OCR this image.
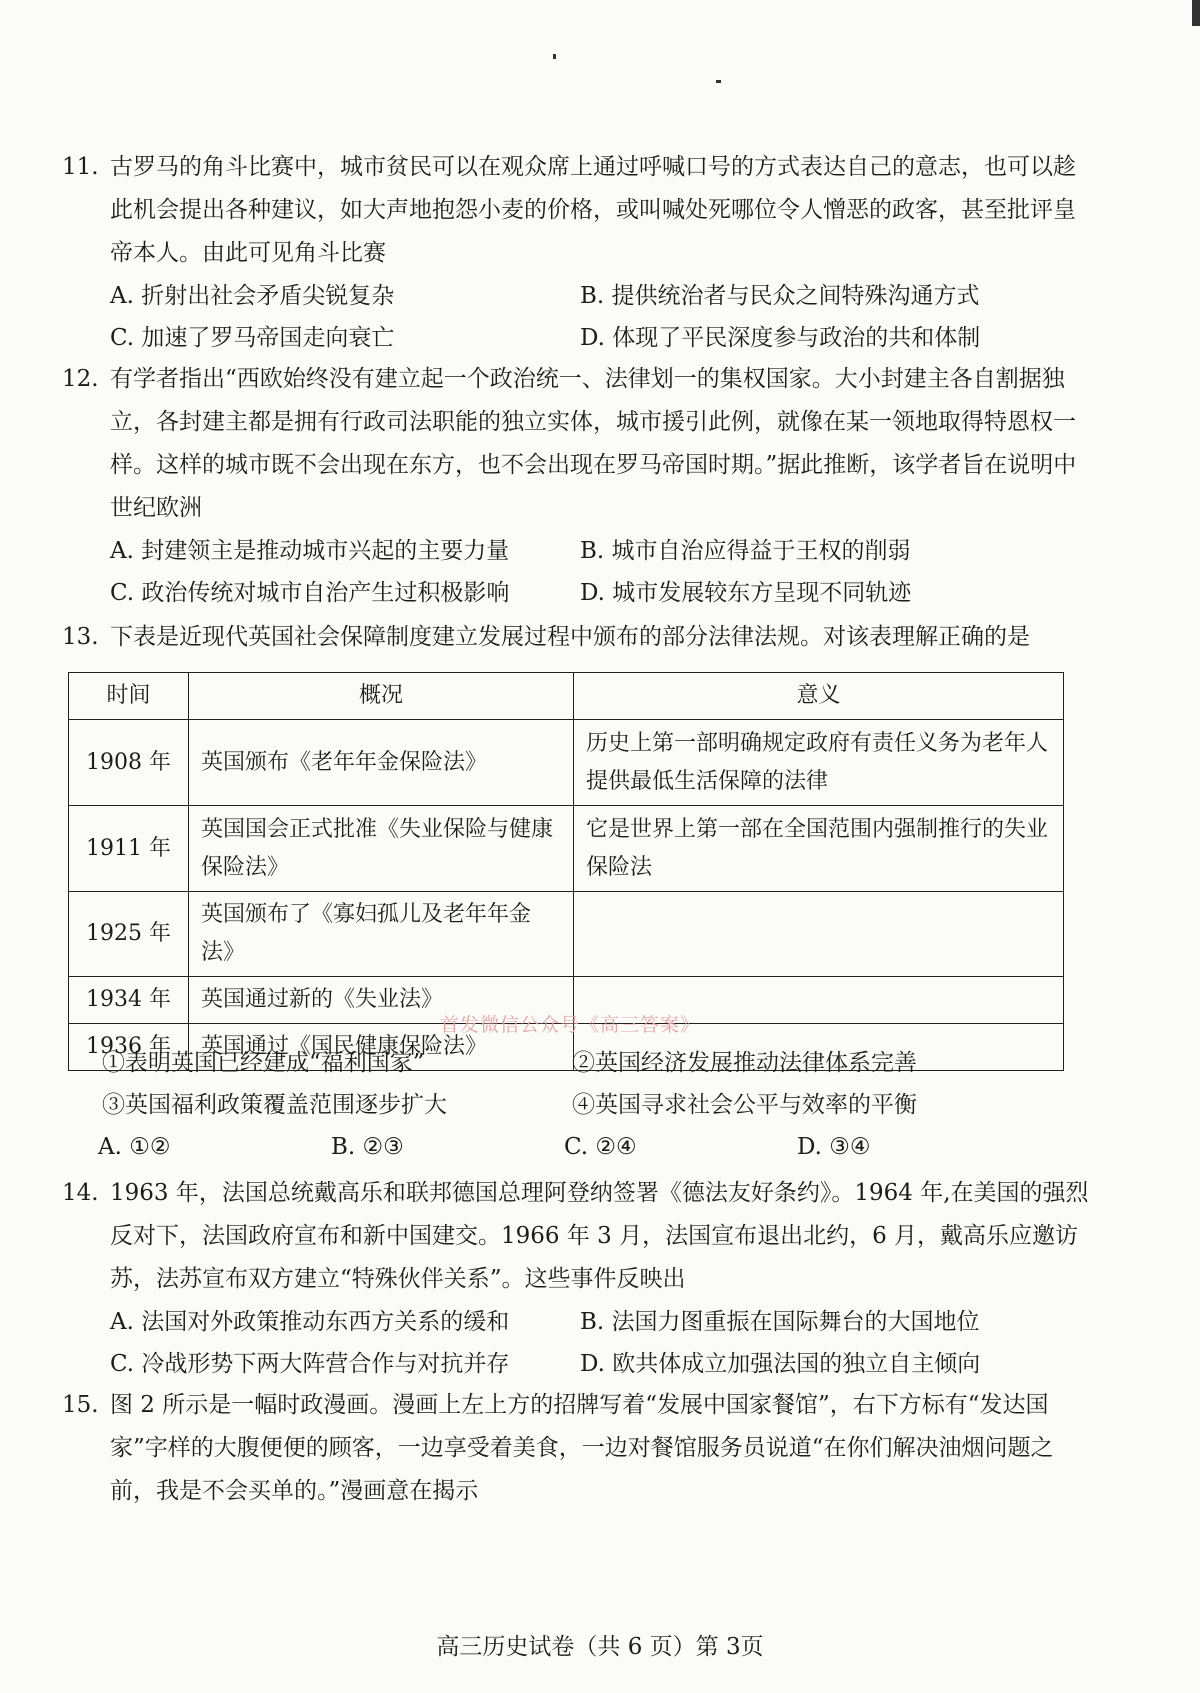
11. 古罗马的角斗比赛中，城市贫民可以在观众席上通过呼喊口号的方式表达自己的意志，也可以趁此机会提出各种建议，如大声地抱怨小麦的价格，或叫喊处死哪位令人憎恶的政客，甚至批评皇帝本人。由此可见角斗比赛
A. 折射出社会矛盾尖锐复杂	B. 提供统治者与民众之间特殊沟通方式
C. 加速了罗马帝国走向衰亡	D. 体现了平民深度参与政治的共和体制
12. 有学者指出“西欧始终没有建立起一个政治统一、法律划一的集权国家。大小封建主各自割据独立，各封建主都是拥有行政司法职能的独立实体，城市援引此例，就像在某一领地取得特恩权一样。这样的城市既不会出现在东方，也不会出现在罗马帝国时期。”据此推断，该学者旨在说明中世纪欧洲
A. 封建领主是推动城市兴起的主要力量	B. 城市自治应得益于王权的削弱
C. 政治传统对城市自治产生过积极影响	D. 城市发展较东方呈现不同轨迹
13. 下表是近现代英国社会保障制度建立发展过程中颁布的部分法律法规。对该表理解正确的是
时间	概况	意义
1908 年	英国颁布《老年年金保险法》	历史上第一部明确规定政府有责任义务为老年人提供最低生活保障的法律
1911 年	英国国会正式批准《失业保险与健康保险法》	它是世界上第一部在全国范围内强制推行的失业保险法
1925 年	英国颁布了《寡妇孤儿及老年年金法》	
1934 年	英国通过新的《失业法》	
1936 年	英国通过《国民健康保险法》	
首发微信公众号《高三答案》
①表明英国已经建成“福利国家”	②英国经济发展推动法律体系完善
③英国福利政策覆盖范围逐步扩大	④英国寻求社会公平与效率的平衡
A. ①②	B. ②③	C. ②④	D. ③④
14. 1963 年，法国总统戴高乐和联邦德国总理阿登纳签署《德法友好条约》。1964 年,在美国的强烈反对下，法国政府宣布和新中国建交。1966 年 3 月，法国宣布退出北约，6 月，戴高乐应邀访苏，法苏宣布双方建立“特殊伙伴关系”。这些事件反映出
A. 法国对外政策推动东西方关系的缓和	B. 法国力图重振在国际舞台的大国地位
C. 冷战形势下两大阵营合作与对抗并存	D. 欧共体成立加强法国的独立自主倾向
15. 图 2 所示是一幅时政漫画。漫画上左上方的招牌写着“发展中国家餐馆”，右下方标有“发达国家”字样的大腹便便的顾客，一边享受着美食，一边对餐馆服务员说道“在你们解决油烟问题之前，我是不会买单的。”漫画意在揭示
高三历史试卷（共 6 页）第 3页
